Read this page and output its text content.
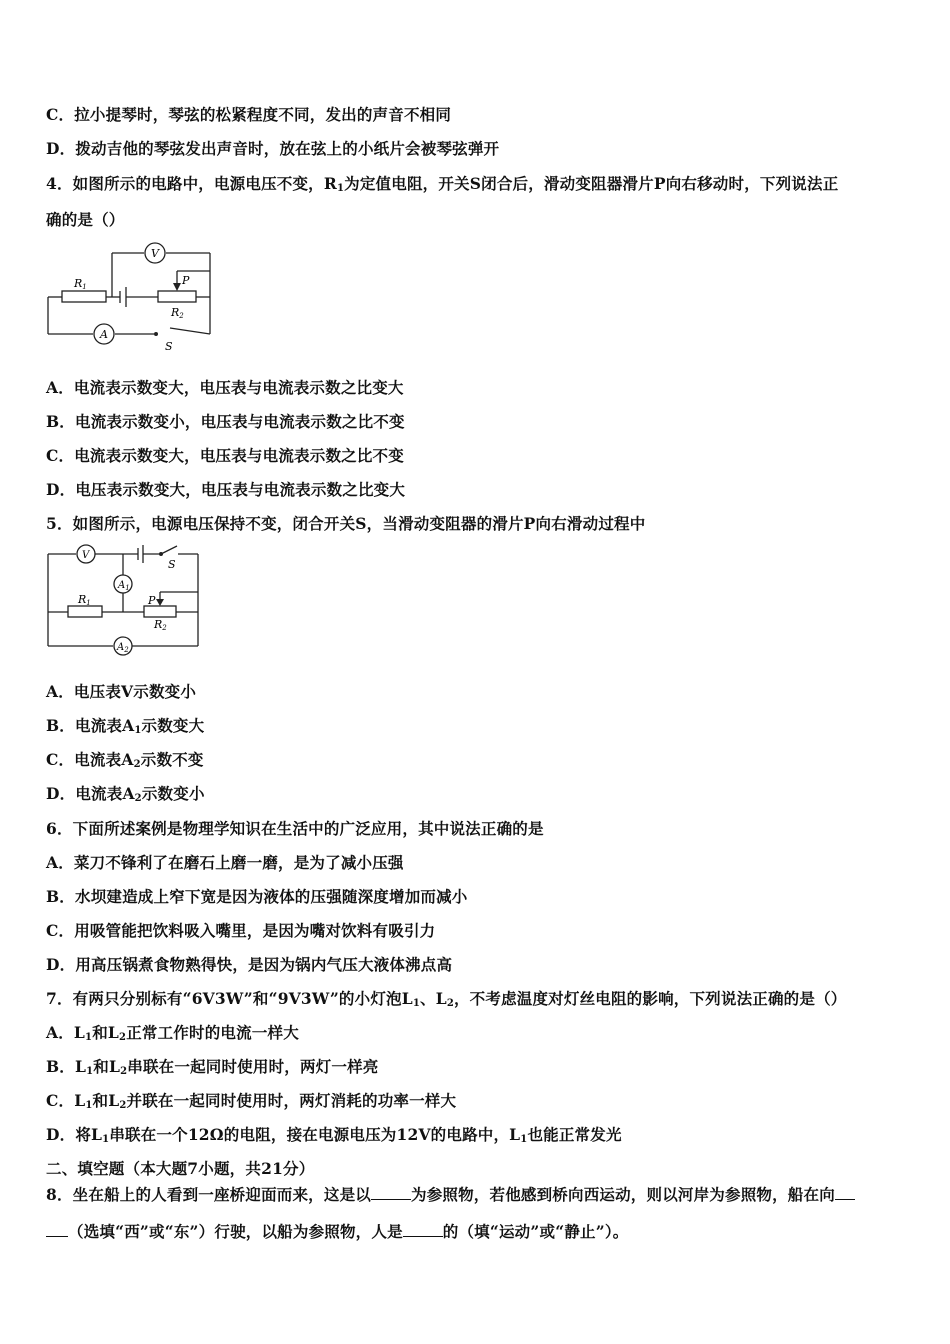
C．拉小提琴时，琴弦的松紧程度不同，发出的声音不相同
D．拨动吉他的琴弦发出声音时，放在弦上的小纸片会被琴弦弹开
4．如图所示的电路中，电源电压不变，$R_1$为定值电阻，开关S闭合后，滑动变阻器滑片P向右移动时，下列说法正
确的是（）
R1
R2
P
V
A
S
A．电流表示数变大，电压表与电流表示数之比变大
B．电流表示数变小，电压表与电流表示数之比不变
C．电流表示数变大，电压表与电流表示数之比不变
D．电压表示数变大，电压表与电流表示数之比变大
5．如图所示，电源电压保持不变，闭合开关S，当滑动变阻器的滑片P向右滑动过程中
V
$A_1$
$A_2$
R1
R2
P
S
A．电压表V示数变小
B．电流表$A_1$示数变大
C．电流表$A_2$示数不变
D．电流表$A_2$示数变小
6．下面所述案例是物理学知识在生活中的广泛应用，其中说法正确的是
A．菜刀不锋利了在磨石上磨一磨，是为了减小压强
B．水坝建造成上窄下宽是因为液体的压强随深度增加而减小
C．用吸管能把饮料吸入嘴里，是因为嘴对饮料有吸引力
D．用高压锅煮食物熟得快，是因为锅内气压大液体沸点高
7．有两只分别标有“6V3W”和“9V3W”的小灯泡$L_1$、$L_2$，不考虑温度对灯丝电阻的影响，下列说法正确的是（）
A．$L_1$和$L_2$正常工作时的电流一样大
B．$L_1$和$L_2$串联在一起同时使用时，两灯一样亮
C．$L_1$和$L_2$并联在一起同时使用时，两灯消耗的功率一样大
D．将$L_1$串联在一个12Ω的电阻，接在电源电压为12V的电路中，$L_1$也能正常发光
二、填空题（本大题7小题，共21分）
8．坐在船上的人看到一座桥迎面而来，这是以	为参照物，若他感到桥向西运动，则以河岸为参照物，船在向
（选填“西”或“东”）行驶，以船为参照物，人是	的（填“运动”或“静止”）。
